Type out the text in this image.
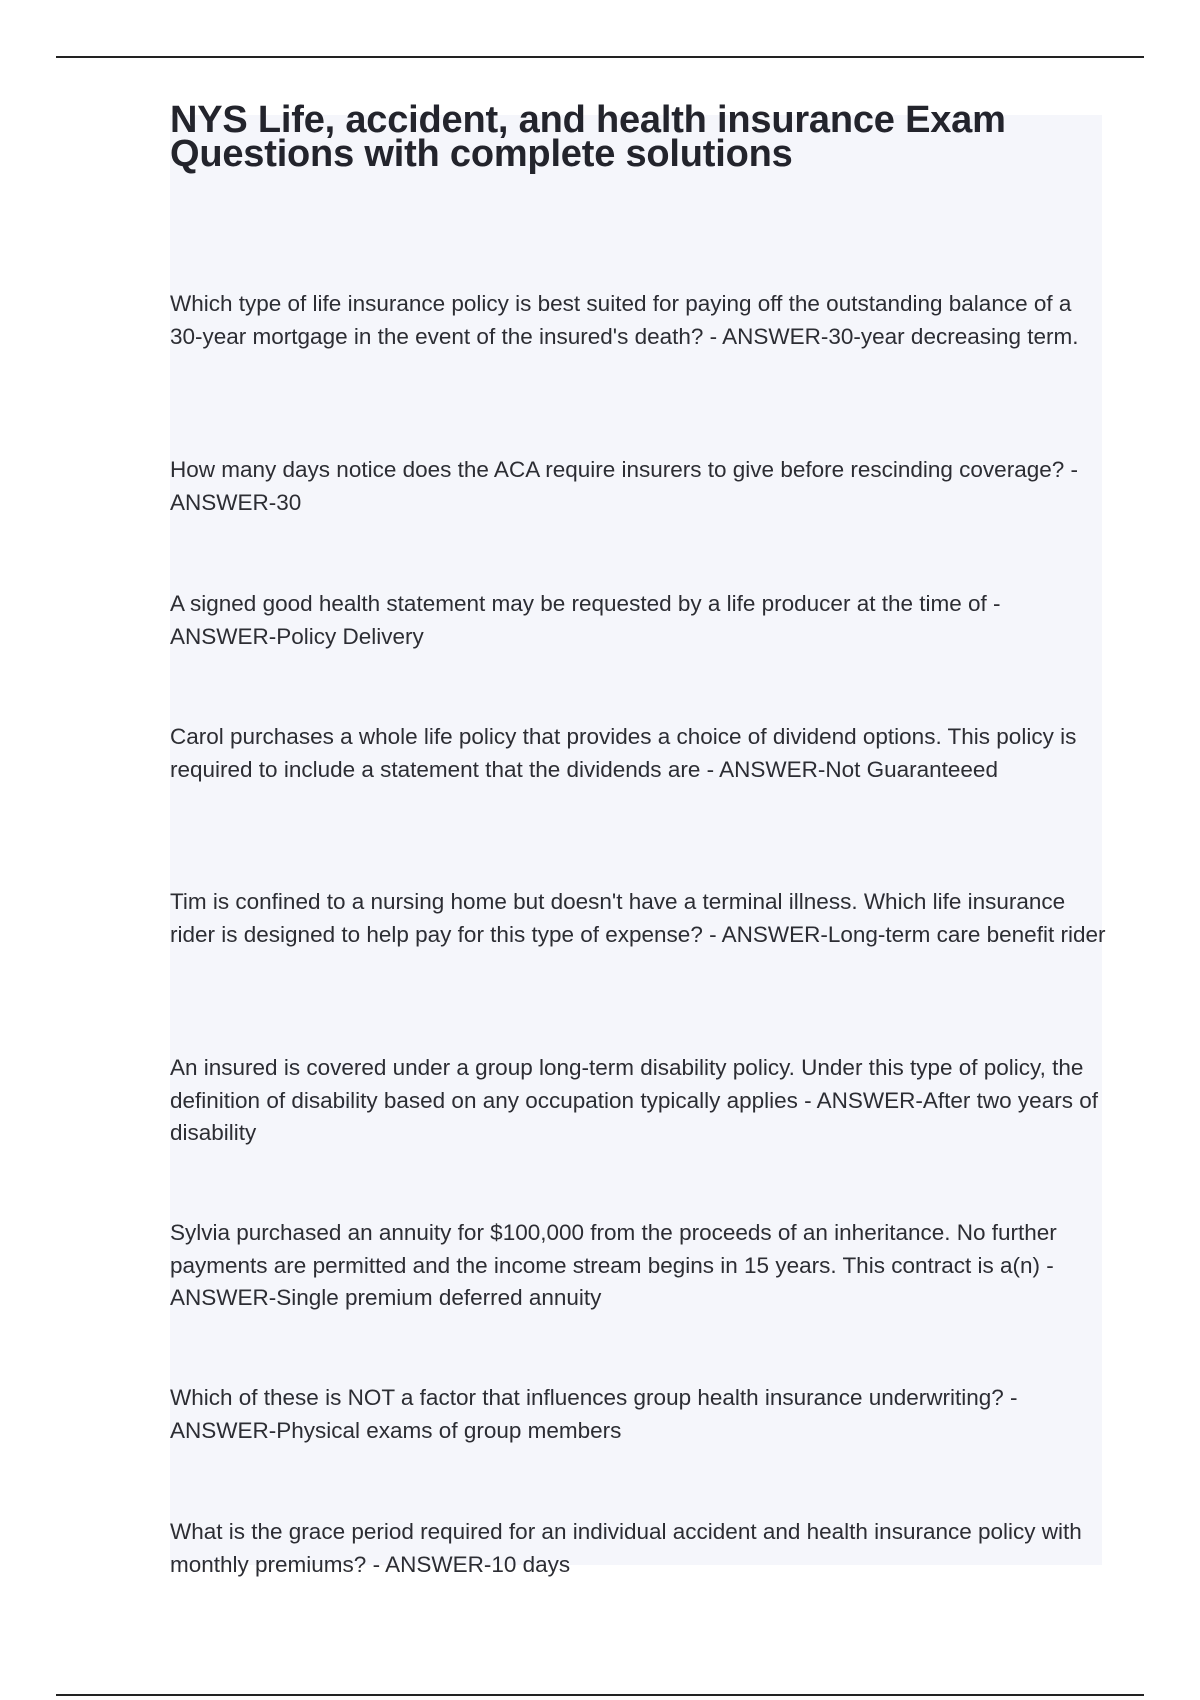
NYS Life, accident, and health insurance Exam Questions with complete solutions
Which type of life insurance policy is best suited for paying off the outstanding balance of a 30-year mortgage in the event of the insured's death? - ANSWER-30-year decreasing term.
How many days notice does the ACA require insurers to give before rescinding coverage? - ANSWER-30
A signed good health statement may be requested by a life producer at the time of - ANSWER-Policy Delivery
Carol purchases a whole life policy that provides a choice of dividend options. This policy is required to include a statement that the dividends are - ANSWER-Not Guaranteeed
Tim is confined to a nursing home but doesn't have a terminal illness. Which life insurance rider is designed to help pay for this type of expense? - ANSWER-Long-term care benefit rider
An insured is covered under a group long-term disability policy. Under this type of policy, the definition of disability based on any occupation typically applies - ANSWER-After two years of disability
Sylvia purchased an annuity for $100,000 from the proceeds of an inheritance. No further payments are permitted and the income stream begins in 15 years. This contract is a(n) - ANSWER-Single premium deferred annuity
Which of these is NOT a factor that influences group health insurance underwriting? - ANSWER-Physical exams of group members
What is the grace period required for an individual accident and health insurance policy with monthly premiums? - ANSWER-10 days
